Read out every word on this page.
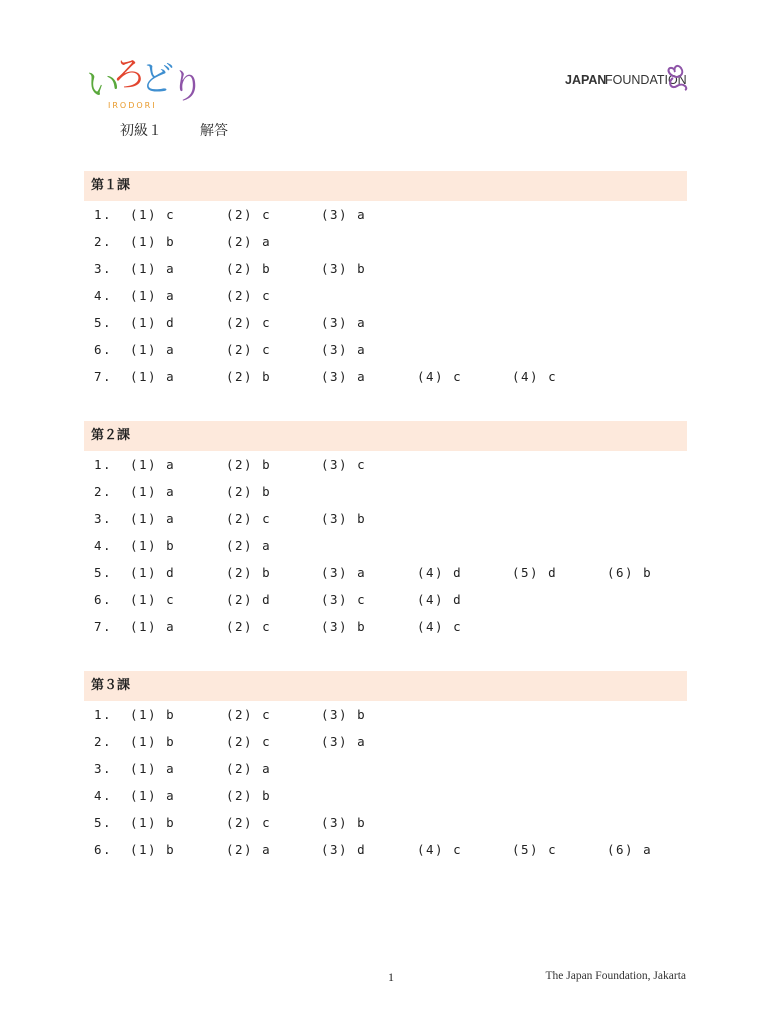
い
ろ
ど
り
IRODORI
JAPAN
FOUNDATION
初級１	解答
第１課
1. (1) c	(2) c	(3) a
2. (1) b	(2) a
3. (1) a	(2) b	(3) b
4. (1) a	(2) c
5. (1) d	(2) c	(3) a
6. (1) a	(2) c	(3) a
7. (1) a	(2) b	(3) a	(4) c	(4) c
第２課
1. (1) a	(2) b	(3) c
2. (1) a	(2) b
3. (1) a	(2) c	(3) b
4. (1) b	(2) a
5. (1) d	(2) b	(3) a	(4) d	(5) d	(6) b
6. (1) c	(2) d	(3) c	(4) d
7. (1) a	(2) c	(3) b	(4) c
第３課
1. (1) b	(2) c	(3) b
2. (1) b	(2) c	(3) a
3. (1) a	(2) a
4. (1) a	(2) b
5. (1) b	(2) c	(3) b
6. (1) b	(2) a	(3) d	(4) c	(5) c	(6) a
1	The Japan Foundation, Jakarta
